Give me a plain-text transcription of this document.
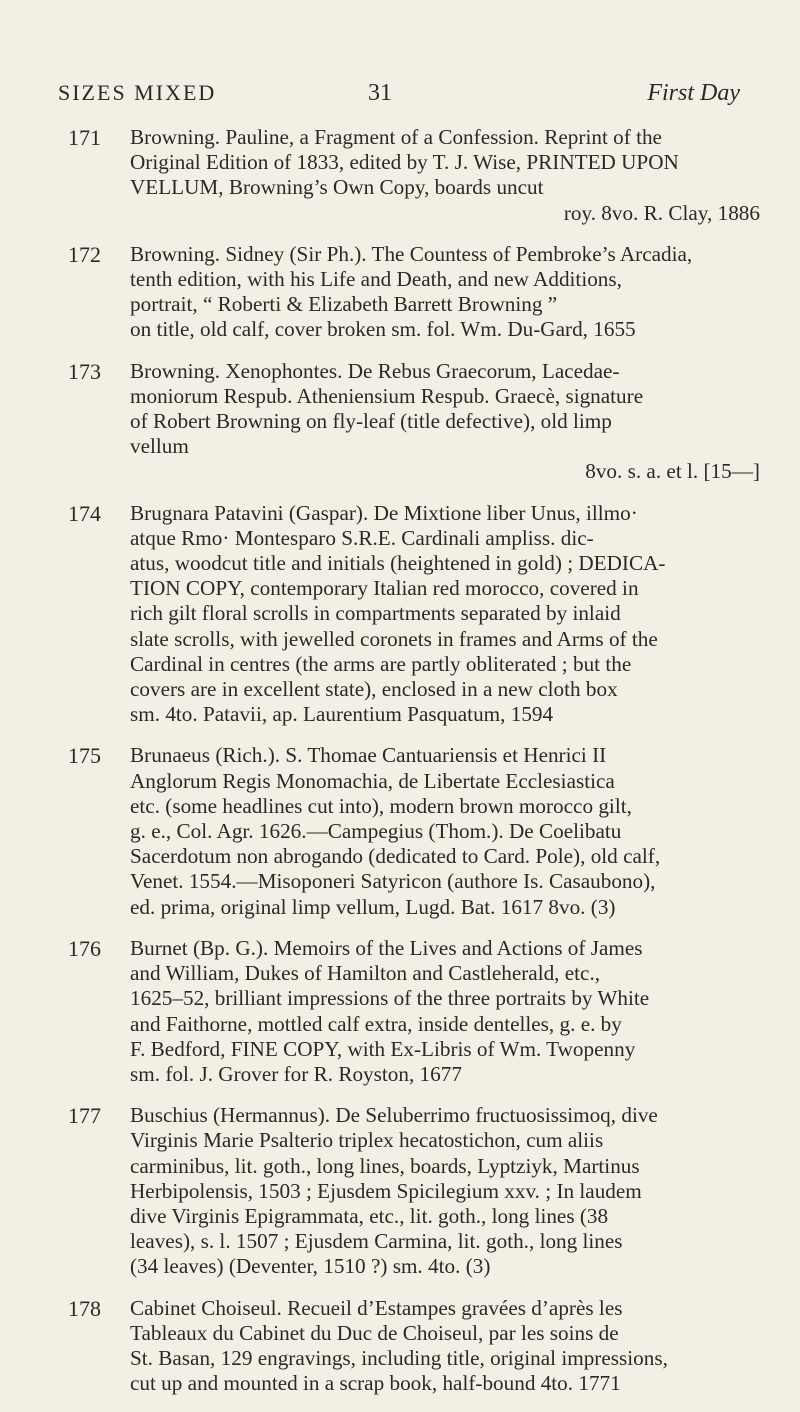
SIZES MIXED	31	First Day
171 Browning. Pauline, a Fragment of a Confession. Reprint of the
Original Edition of 1833, edited by T. J. Wise, PRINTED UPON
VELLUM, Browning’s Own Copy, boards uncut
roy. 8vo. R. Clay, 1886
172 Browning. Sidney (Sir Ph.). The Countess of Pembroke’s Arcadia,
tenth edition, with his Life and Death, and new Additions,
portrait, “ Roberti & Elizabeth Barrett Browning ”
on title, old calf, cover broken sm. fol. Wm. Du-Gard, 1655
173 Browning. Xenophontes. De Rebus Graecorum, Lacedae-
moniorum Respub. Atheniensium Respub. Graecè, signature
of Robert Browning on fly-leaf (title defective), old limp
vellum
8vo. s. a. et l. [15—]
174 Brugnara Patavini (Gaspar). De Mixtione liber Unus, illmo·
atque Rmo· Montesparo S.R.E. Cardinali ampliss. dic-
atus, woodcut title and initials (heightened in gold) ; DEDICA-
TION COPY, contemporary Italian red morocco, covered in
rich gilt floral scrolls in compartments separated by inlaid
slate scrolls, with jewelled coronets in frames and Arms of the
Cardinal in centres (the arms are partly obliterated ; but the
covers are in excellent state), enclosed in a new cloth box
sm. 4to. Patavii, ap. Laurentium Pasquatum, 1594
175 Brunaeus (Rich.). S. Thomae Cantuariensis et Henrici II
Anglorum Regis Monomachia, de Libertate Ecclesiastica
etc. (some headlines cut into), modern brown morocco gilt,
g. e., Col. Agr. 1626.—Campegius (Thom.). De Coelibatu
Sacerdotum non abrogando (dedicated to Card. Pole), old calf,
Venet. 1554.—Misoponeri Satyricon (authore Is. Casaubono),
ed. prima, original limp vellum, Lugd. Bat. 1617 8vo. (3)
176 Burnet (Bp. G.). Memoirs of the Lives and Actions of James
and William, Dukes of Hamilton and Castleherald, etc.,
1625–52, brilliant impressions of the three portraits by White
and Faithorne, mottled calf extra, inside dentelles, g. e. by
F. Bedford, FINE COPY, with Ex-Libris of Wm. Twopenny
sm. fol. J. Grover for R. Royston, 1677
177 Buschius (Hermannus). De Seluberrimo fructuosissimoq, dive
Virginis Marie Psalterio triplex hecatostichon, cum aliis
carminibus, lit. goth., long lines, boards, Lyptziyk, Martinus
Herbipolensis, 1503 ; Ejusdem Spicilegium xxv. ; In laudem
dive Virginis Epigrammata, etc., lit. goth., long lines (38
leaves), s. l. 1507 ; Ejusdem Carmina, lit. goth., long lines
(34 leaves) (Deventer, 1510 ?) sm. 4to. (3)
178 Cabinet Choiseul. Recueil d’Estampes gravées d’après les
Tableaux du Cabinet du Duc de Choiseul, par les soins de
St. Basan, 129 engravings, including title, original impressions,
cut up and mounted in a scrap book, half-bound 4to. 1771
